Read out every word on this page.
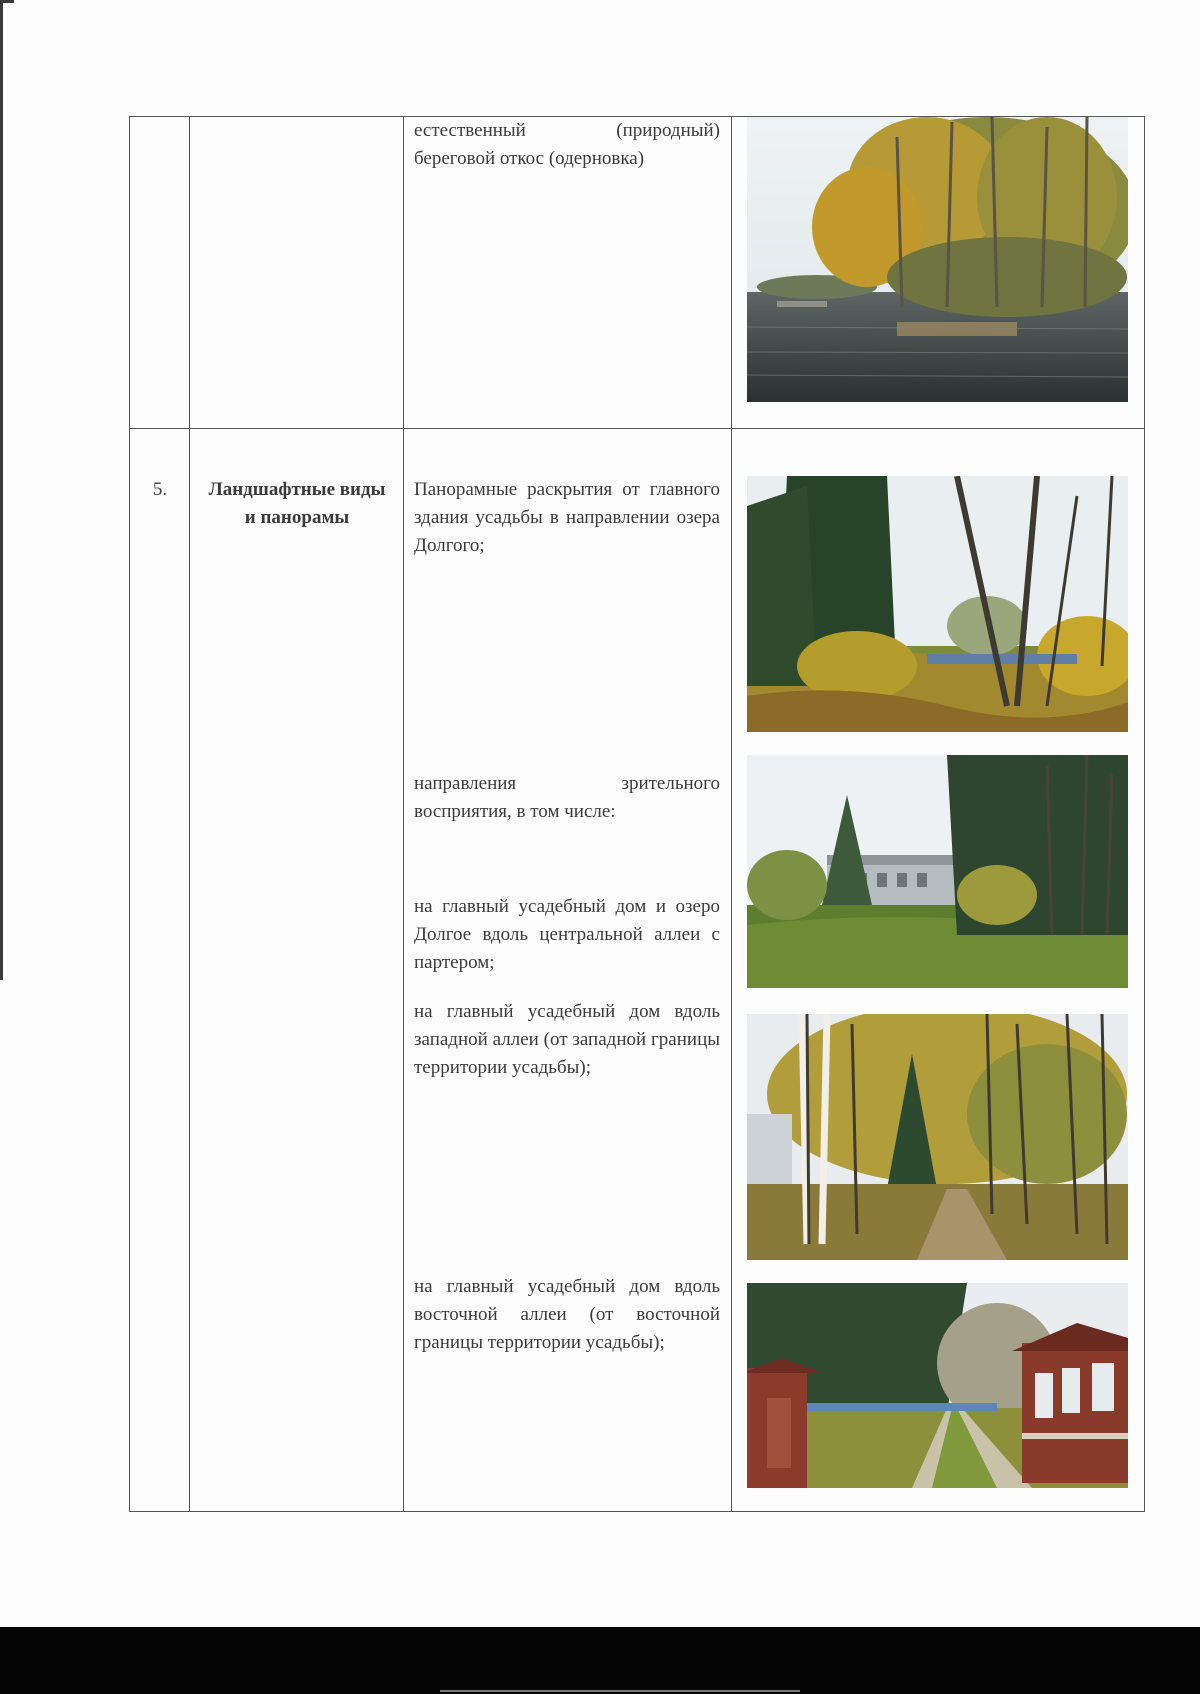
естественный (природный) береговой откос (одерновка)
5.	Ландшафтные виды и панорамы
Панорамные раскрытия от главного здания усадьбы в направлении озера Долгого;
направления зрительного восприятия, в том числе:
на главный усадебный дом и озеро Долгое вдоль центральной аллеи с партером;
на главный усадебный дом вдоль западной аллеи (от западной границы территории усадьбы);
на главный усадебный дом вдоль восточной аллеи (от восточной границы территории усадьбы);
